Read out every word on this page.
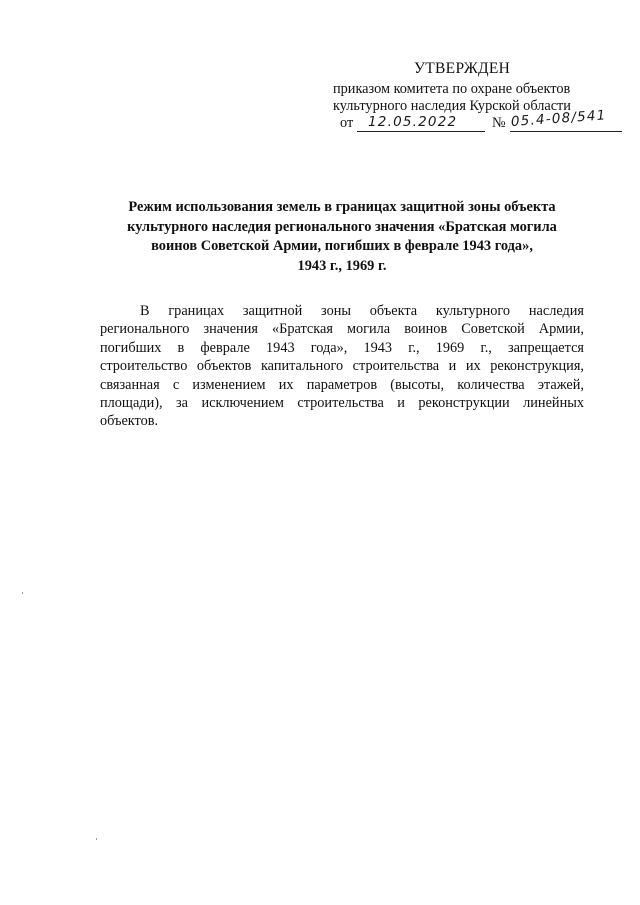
УТВЕРЖДЕН
приказом комитета по охране объектов
культурного наследия Курской области
от 12.05.2022 № 05.4-08/541
Режим использования земель в границах защитной зоны объекта
культурного наследия регионального значения «Братская могила
воинов Советской Армии, погибших в феврале 1943 года»,
1943 г., 1969 г.
В границах защитной зоны объекта культурного наследия
регионального значения «Братская могила воинов Советской Армии,
погибших в феврале 1943 года», 1943 г., 1969 г., запрещается
строительство объектов капитального строительства и их реконструкция,
связанная с изменением их параметров (высоты, количества этажей,
площади), за исключением строительства и реконструкции линейных
объектов.
